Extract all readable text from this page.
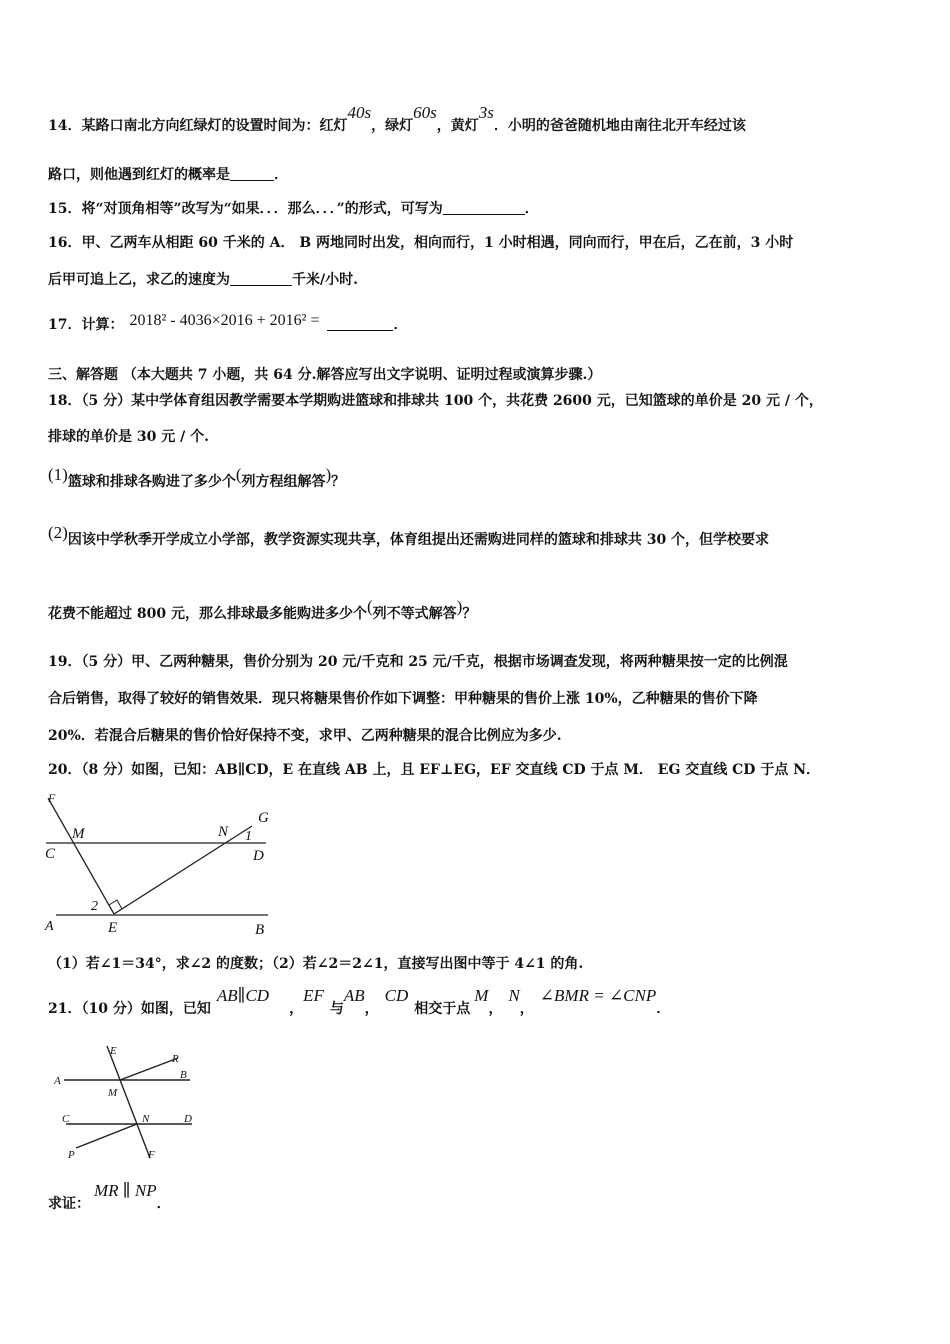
14．某路口南北方向红绿灯的设置时间为：红灯40s，绿灯60s，黄灯3s．小明的爸爸随机地由南往北开车经过该
路口，则他遇到红灯的概率是	．
15．将“对顶角相等”改写为“如果．．．那么．．．”的形式，可写为	．
16．甲、乙两车从相距 60 千米的 A． B 两地同时出发，相向而行，1 小时相遇，同向而行，甲在后，乙在前，3 小时
后甲可追上乙，求乙的速度为	千米/小时.
17．计算： 2018² - 4036×2016 + 2016² =	．
三、解答题 （本大题共 7 小题，共 64 分.解答应写出文字说明、证明过程或演算步骤.）
18．（5 分）某中学体育组因教学需要本学期购进篮球和排球共 100 个，共花费 2600 元，已知篮球的单价是 20 元 / 个，
排球的单价是 30 元 / 个.
(1)篮球和排球各购进了多少个(列方程组解答)？
(2)因该中学秋季开学成立小学部，教学资源实现共享，体育组提出还需购进同样的篮球和排球共 30 个，但学校要求
花费不能超过 800 元，那么排球最多能购进多少个(列不等式解答)？
19．（5 分）甲、乙两种糖果，售价分别为 20 元/千克和 25 元/千克，根据市场调查发现，将两种糖果按一定的比例混
合后销售，取得了较好的销售效果．现只将糖果售价作如下调整：甲种糖果的售价上涨 10%，乙种糖果的售价下降
20%．若混合后糖果的售价恰好保持不变，求甲、乙两种糖果的混合比例应为多少.
20．（8 分）如图，已知：AB∥CD，E 在直线 AB 上，且 EF⊥EG，EF 交直线 CD 于点 M． EG 交直线 CD 于点 N．
F
G
M	N 1
C	D
2
A	E	B
（1）若∠1＝34°，求∠2 的度数；（2）若∠2＝2∠1，直接写出图中等于 4∠1 的角.
21．（10 分）如图，已知AB∥CD，EF与AB，CD相交于点M，N，∠BMR = ∠CNP．
E
R
A	B
M
C	N	D
P	F
求证：MR ∥ NP．
